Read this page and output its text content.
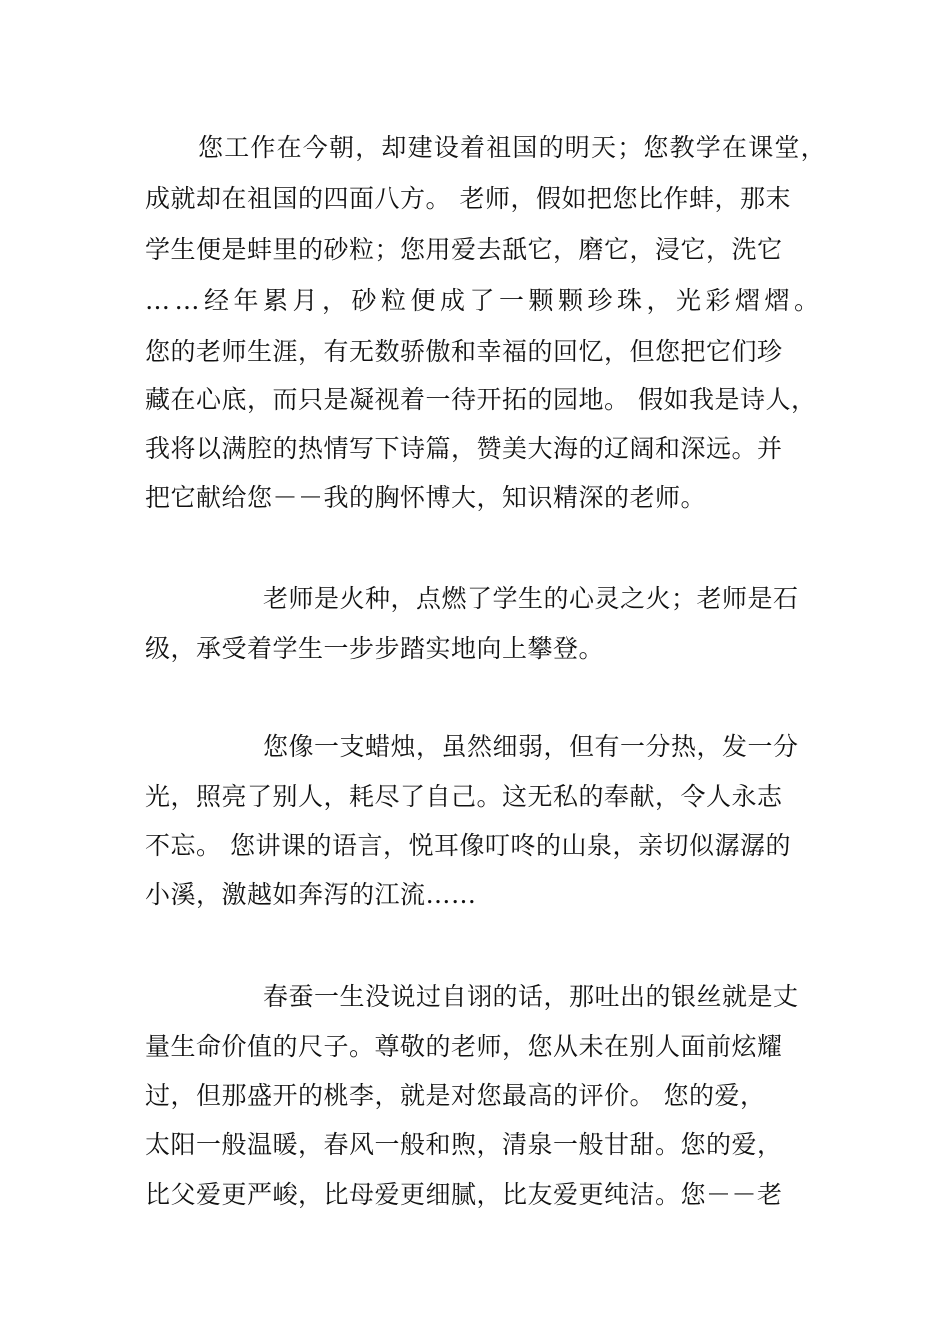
您工作在今朝，却建设着祖国的明天；您教学在课堂，

成就却在祖国的四面八方。 老师，假如把您比作蚌，那末

学生便是蚌里的砂粒；您用爱去舐它，磨它，浸它，洗它

……经年累月，砂粒便成了一颗颗珍珠，光彩熠熠。

您的老师生涯，有无数骄傲和幸福的回忆，但您把它们珍

藏在心底，而只是凝视着一待开拓的园地。 假如我是诗人，

我将以满腔的热情写下诗篇，赞美大海的辽阔和深远。并

把它献给您－－我的胸怀博大，知识精深的老师。

老师是火种，点燃了学生的心灵之火；老师是石

级，承受着学生一步步踏实地向上攀登。

您像一支蜡烛，虽然细弱，但有一分热，发一分

光，照亮了别人，耗尽了自己。这无私的奉献，令人永志

不忘。 您讲课的语言，悦耳像叮咚的山泉，亲切似潺潺的

小溪，激越如奔泻的江流……

春蚕一生没说过自诩的话，那吐出的银丝就是丈

量生命价值的尺子。尊敬的老师，您从未在别人面前炫耀

过，但那盛开的桃李，就是对您最高的评价。 您的爱，

太阳一般温暖，春风一般和煦，清泉一般甘甜。您的爱，

比父爱更严峻，比母爱更细腻，比友爱更纯洁。您－－老
